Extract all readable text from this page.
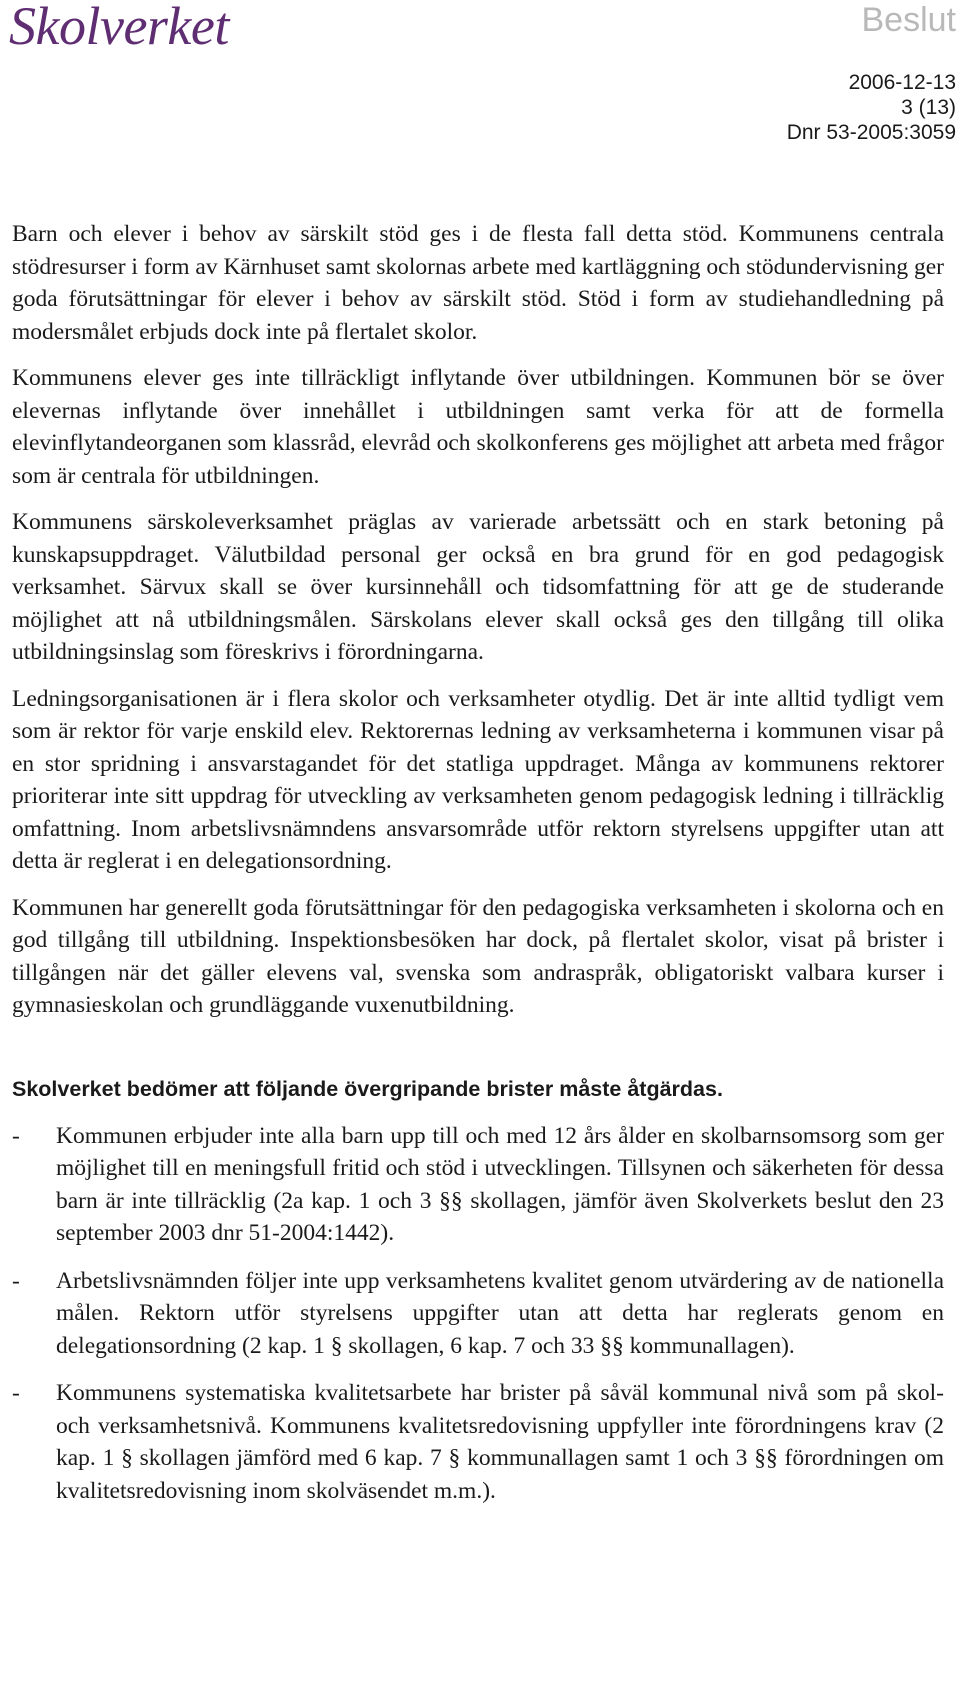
Skolverket	Beslut
2006-12-13
3 (13)
Dnr 53-2005:3059

Barn och elever i behov av särskilt stöd ges i de flesta fall detta stöd. Kommunens centrala stödresurser i form av Kärnhuset samt skolornas arbete med kartläggning och stödundervisning ger goda förutsättningar för elever i behov av särskilt stöd. Stöd i form av studiehandledning på modersmålet erbjuds dock inte på flertalet skolor.

Kommunens elever ges inte tillräckligt inflytande över utbildningen. Kommunen bör se över elevernas inflytande över innehållet i utbildningen samt verka för att de formella elevinflytandeorganen som klassråd, elevråd och skolkonferens ges möjlighet att arbeta med frågor som är centrala för utbildningen.

Kommunens särskoleverksamhet präglas av varierade arbetssätt och en stark betoning på kunskapsuppdraget. Välutbildad personal ger också en bra grund för en god pedagogisk verksamhet. Särvux skall se över kursinnehåll och tidsomfattning för att ge de studerande möjlighet att nå utbildningsmålen. Särskolans elever skall också ges den tillgång till olika utbildningsinslag som föreskrivs i förordningarna.

Ledningsorganisationen är i flera skolor och verksamheter otydlig. Det är inte alltid tydligt vem som är rektor för varje enskild elev. Rektorernas ledning av verksamheterna i kommunen visar på en stor spridning i ansvarstagandet för det statliga uppdraget. Många av kommunens rektorer prioriterar inte sitt uppdrag för utveckling av verksamheten genom pedagogisk ledning i tillräcklig omfattning. Inom arbetslivsnämndens ansvarsområde utför rektorn styrelsens uppgifter utan att detta är reglerat i en delegationsordning.

Kommunen har generellt goda förutsättningar för den pedagogiska verksamheten i skolorna och en god tillgång till utbildning. Inspektionsbesöken har dock, på flertalet skolor, visat på brister i tillgången när det gäller elevens val, svenska som andraspråk, obligatoriskt valbara kurser i gymnasieskolan och grundläggande vuxenutbildning.

Skolverket bedömer att följande övergripande brister måste åtgärdas.
-	Kommunen erbjuder inte alla barn upp till och med 12 års ålder en skolbarnsomsorg som ger möjlighet till en meningsfull fritid och stöd i utvecklingen. Tillsynen och säkerheten för dessa barn är inte tillräcklig (2a kap. 1 och 3 §§ skollagen, jämför även Skolverkets beslut den 23 september 2003 dnr 51-2004:1442).
-	Arbetslivsnämnden följer inte upp verksamhetens kvalitet genom utvärdering av de nationella målen. Rektorn utför styrelsens uppgifter utan att detta har reglerats genom en delegationsordning (2 kap. 1 § skollagen, 6 kap. 7 och 33 §§ kommunallagen).
-	Kommunens systematiska kvalitetsarbete har brister på såväl kommunal nivå som på skol- och verksamhetsnivå. Kommunens kvalitetsredovisning uppfyller inte förordningens krav (2 kap. 1 § skollagen jämförd med 6 kap. 7 § kommunallagen samt 1 och 3 §§ förordningen om kvalitetsredovisning inom skolväsendet m.m.).
